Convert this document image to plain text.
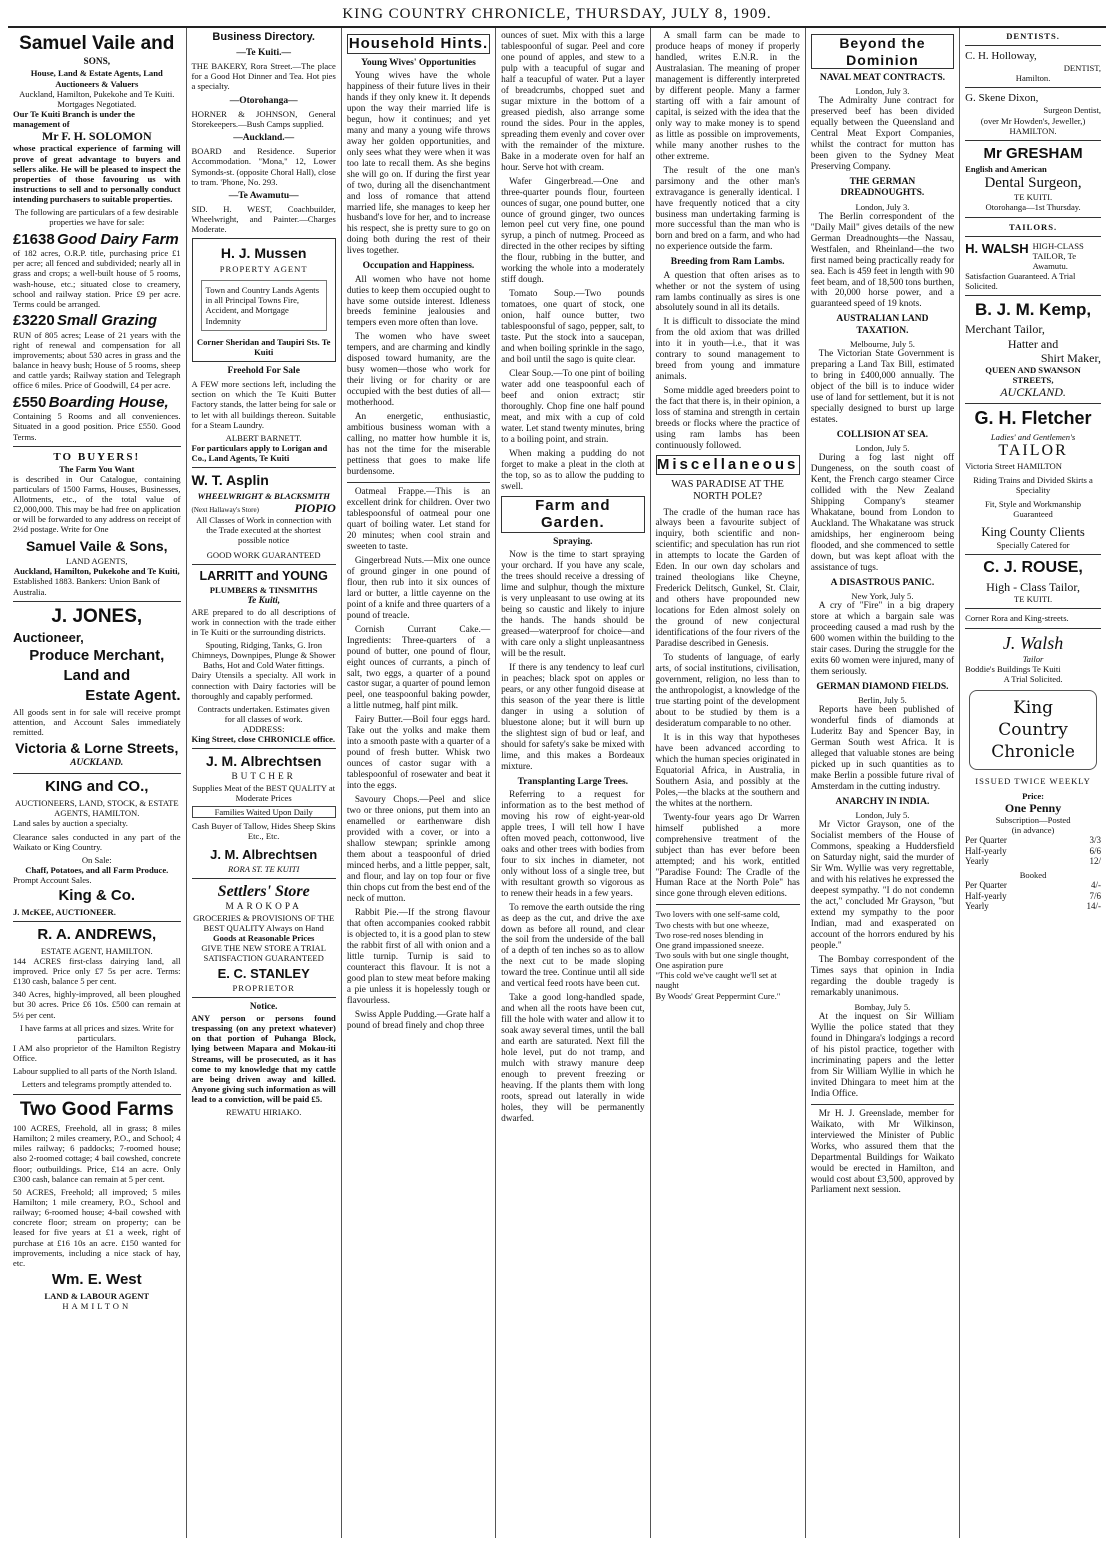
KING COUNTRY CHRONICLE, THURSDAY, JULY 8, 1909.
Samuel Vaile and
SONS,
House, Land & Estate Agents, Land Auctioneers & Valuers
Auckland, Hamilton, Pukekohe and Te Kuiti.
Mortgages Negotiated.
Our Te Kuiti Branch is under the management of
Mr F. H. SOLOMON

whose practical experience of farming will prove of great advantage to buyers and sellers alike. He will be pleased to inspect the properties of those favouring us with instructions to sell and to personally conduct intending purchasers to suitable properties.

The following are particulars of a few desirable properties we have for sale:

£1638 Good Dairy Farm

of 182 acres, O.R.P. title, purchasing price £1 per acre; all fenced and subdivided; nearly all in grass and crops; a well-built house of 5 rooms, wash-house, etc.; situated close to creamery, school and railway station. Price £9 per acre. Terms could be arranged.

£3220 Small Grazing

RUN of 805 acres; Lease of 21 years with the right of renewal and compensation for all improvements; about 530 acres in grass and the balance in heavy bush; House of 5 rooms, sheep and cattle yards; Railway station and Telegraph office 6 miles. Price of Goodwill, £4 per acre.

£550 Boarding House,

Containing 5 Rooms and all conveniences. Situated in a good position. Price £550. Good Terms.

TO BUYERS!
The Farm You Want

is described in Our Catalogue, containing particulars of 1500 Farms, Houses, Businesses, Allotments, etc., of the total value of £2,000,000. This may be had free on application or will be forwarded to any address on receipt of 2½d postage. Write for One

Samuel Vaile & Sons,
LAND AGENTS,
Auckland, Hamilton, Pukekohe and Te Kuiti,
Established 1883. Bankers: Union Bank of Australia.
J. JONES,
Auctioneer,
Produce Merchant,
Land and
Estate Agent.

All goods sent in for sale will receive prompt attention, and Account Sales immediately remitted.

Victoria & Lorne Streets,
AUCKLAND.
KING and CO.,
AUCTIONEERS, LAND, STOCK, & ESTATE AGENTS, HAMILTON.

Land sales by auction a specialty.

Clearance sales conducted in any part of the Waikato or King Country.

On Sale:
Chaff, Potatoes, and all Farm Produce.
Prompt Account Sales.
King & Co.
J. McKEE, AUCTIONEER.
R. A. ANDREWS,
ESTATE AGENT, HAMILTON.

144 ACRES first-class dairying land, all improved. Price only £7 5s per acre. Terms: £130 cash, balance 5 per cent.

340 Acres, highly-improved, all been ploughed but 30 acres. Price £6 10s. £500 can remain at 5½ per cent.

I have farms at all prices and sizes. Write for particulars.

I AM also proprietor of the Hamilton Registry Office.

Labour supplied to all parts of the North Island.

Letters and telegrams promptly attended to.
Two Good Farms

100 ACRES, Freehold, all in grass; 8 miles Hamilton; 2 miles creamery, P.O., and School; 4 miles railway; 6 paddocks; 7-roomed house; also 2-roomed cottage; 4 bail cowshed, concrete floor; outbuildings. Price, £14 an acre. Only £300 cash, balance can remain at 5 per cent.

50 ACRES, Freehold; all improved; 5 miles Hamilton; 1 mile creamery, P.O., School and railway; 6-roomed house; 4-bail cowshed with concrete floor; stream on property; can be leased for five years at £1 a week, right of purchase at £16 10s an acre. £150 wanted for improvements, including a nice stack of hay, etc.

Wm. E. West
LAND & LABOUR AGENT
HAMILTON
Business Directory.
—Te Kuiti.—

THE BAKERY, Rora Street.—The place for a Good Hot Dinner and Tea. Hot pies a specialty.

—Otorohanga—

HORNER & JOHNSON, General Storekeepers.—Bush Camps supplied.

—Auckland.—

BOARD and Residence. Superior Accommodation. "Mona," 12, Lower Symonds-st. (opposite Choral Hall), close to tram. 'Phone, No. 293.

—Te Awamutu—

SID. H. WEST, Coachbuilder, Wheelwright, and Painter.—Charges Moderate.

H. J. Mussen
PROPERTY AGENT
Town and Country Lands Agents in all Principal Towns Fire, Accident, and Mortgage Indemnity
Corner Sheridan and Taupiri Sts. Te Kuiti
Freehold For Sale

A FEW more sections left, including the section on which the Te Kuiti Butter Factory stands, the latter being for sale or to let with all buildings thereon. Suitable for a Steam Laundry.

ALBERT BARNETT.
For particulars apply to Lorigan and Co., Land Agents, Te Kuiti
W. T. Asplin
WHEELWRIGHT & BLACKSMITH
(Next Hallaway's Store)	PIOPIO
All Classes of Work in connection with the Trade executed at the shortest possible notice
GOOD WORK GUARANTEED
LARRITT and YOUNG
PLUMBERS & TINSMITHS
Te Kuiti,

ARE prepared to do all descriptions of work in connection with the trade either in Te Kuiti or the surrounding districts.

Spouting, Ridging, Tanks, G. Iron Chimneys, Downpipes, Plunge & Shower Baths, Hot and Cold Water fittings.

Dairy Utensils a specialty. All work in connection with Dairy factories will be thoroughly and capably performed.

Contracts undertaken. Estimates given for all classes of work.
ADDRESS:
King Street, close CHRONICLE office.
J. M. Albrechtsen
BUTCHER
Supplies Meat of the BEST QUALITY at Moderate Prices
Families Waited Upon Daily
Cash Buyer of Tallow, Hides Sheep Skins Etc., Etc.
J. M. Albrechtsen
RORA ST. TE KUITI
Settlers' Store
MAROKOPA
GROCERIES & PROVISIONS OF THE BEST QUALITY Always on Hand
Goods at Reasonable Prices
GIVE THE NEW STORE A TRIAL SATISFACTION GUARANTEED
E. C. STANLEY
PROPRIETOR
Notice.

ANY person or persons found trespassing (on any pretext whatever) on that portion of Puhanga Block, lying between Mapara and Mokau-iti Streams, will be prosecuted, as it has come to my knowledge that my cattle are being driven away and killed. Anyone giving such information as will lead to a conviction, will be paid £5.

REWATU HIRIAKO.
Household Hints.
Young Wives' Opportunities

Young wives have the whole happiness of their future lives in their hands if they only knew it. It depends upon the way their married life is begun, how it continues; and yet many and many a young wife throws away her golden opportunities, and only sees what they were when it was too late to recall them. As she begins she will go on. If during the first year of two, during all the disenchantment and loss of romance that attend married life, she manages to keep her husband's love for her, and to increase his respect, she is pretty sure to go on doing both during the rest of their lives together.

Occupation and Happiness.

All women who have not home duties to keep them occupied ought to have some outside interest. Idleness breeds feminine jealousies and tempers even more often than love.

The women who have sweet tempers, and are charming and kindly disposed toward humanity, are the busy women—those who work for their living or for charity or are occupied with the best duties of all—motherhood.

An energetic, enthusiastic, ambitious business woman with a calling, no matter how humble it is, has not the time for the miserable pettiness that goes to make life burdensome.

Oatmeal Frappe.—This is an excellent drink for children. Over two tablespoonsful of oatmeal pour one quart of boiling water. Let stand for 20 minutes; when cool strain and sweeten to taste.

Gingerbread Nuts.—Mix one ounce of ground ginger in one pound of flour, then rub into it six ounces of lard or butter, a little cayenne on the point of a knife and three quarters of a pound of treacle.

Cornish Currant Cake.—Ingredients: Three-quarters of a pound of butter, one pound of flour, eight ounces of currants, a pinch of salt, two eggs, a quarter of a pound castor sugar, a quarter of pound lemon peel, one teaspoonful baking powder, a little nutmeg, half pint milk.

Fairy Butter.—Boil four eggs hard. Take out the yolks and make them into a smooth paste with a quarter of a pound of fresh butter. Whisk two ounces of castor sugar with a tablespoonful of rosewater and beat it into the eggs.

Savoury Chops.—Peel and slice two or three onions, put them into an enamelled or earthenware dish provided with a cover, or into a shallow stewpan; sprinkle among them about a teaspoonful of dried minced herbs, and a little pepper, salt, and flour, and lay on top four or five thin chops cut from the best end of the neck of mutton.

Rabbit Pie.—If the strong flavour that often accompanies cooked rabbit is objected to, it is a good plan to stew the rabbit first of all with onion and a little turnip. Turnip is said to counteract this flavour. It is not a good plan to stew meat before making a pie unless it is hopelessly tough or flavourless.

Swiss Apple Pudding.—Grate half a pound of bread finely and chop three

ounces of suet. Mix with this a large tablespoonful of sugar. Peel and core one pound of apples, and stew to a pulp with a teacupful of sugar and half a teacupful of water. Put a layer of breadcrumbs, chopped suet and sugar mixture in the bottom of a greased piedish, also arrange some round the sides. Pour in the apples, spreading them evenly and cover over with the remainder of the mixture. Bake in a moderate oven for half an hour. Serve hot with cream.

Wafer Gingerbread.—One and three-quarter pounds flour, fourteen ounces of sugar, one pound butter, one ounce of ground ginger, two ounces lemon peel cut very fine, one pound syrup, a pinch of nutmeg. Proceed as directed in the other recipes by sifting the flour, rubbing in the butter, and working the whole into a moderately stiff dough.

Tomato Soup.—Two pounds tomatoes, one quart of stock, one onion, half ounce butter, two tablespoonsful of sago, pepper, salt, to taste. Put the stock into a saucepan, and when boiling sprinkle in the sago, and boil until the sago is quite clear.

Clear Soup.—To one pint of boiling water add one teaspoonful each of beef and onion extract; stir thoroughly. Chop fine one half pound meat, and mix with a cup of cold water. Let stand twenty minutes, bring to a boiling point, and strain.

When making a pudding do not forget to make a pleat in the cloth at the top, so as to allow the pudding to swell.

Farm and Garden.
Spraying.

Now is the time to start spraying your orchard. If you have any scale, the trees should receive a dressing of lime and sulphur, though the mixture is very unpleasant to use owing at its being so caustic and likely to injure the hands. The hands should be greased—waterproof for choice—and with care only a slight unpleasantness will be the result.

If there is any tendency to leaf curl in peaches; black spot on apples or pears, or any other fungoid disease at this season of the year there is little danger in using a solution of bluestone alone; but it will burn up the slightest sign of bud or leaf, and should for safety's sake be mixed with lime, and this makes a Bordeaux mixture.

Transplanting Large Trees.

Referring to a request for information as to the best method of moving his row of eight-year-old apple trees, I will tell how I have often moved peach, cottonwood, live oaks and other trees with bodies from four to six inches in diameter, not only without loss of a single tree, but with resultant growth so vigorous as to renew their heads in a few years.

To remove the earth outside the ring as deep as the cut, and drive the axe down as before all round, and clear the soil from the underside of the ball of a depth of ten inches so as to allow the next cut to be made sloping toward the tree. Continue until all side and vertical feed roots have been cut.

Take a good long-handled spade, and when all the roots have been cut, fill the hole with water and allow it to soak away several times, until the ball and earth are saturated. Next fill the hole level, put do not tramp, and mulch with strawy manure deep enough to prevent freezing or heaving. If the plants them with long roots, spread out laterally in wide holes, they will be permanently dwarfed.

A small farm can be made to produce heaps of money if properly handled, writes E.N.R. in the Australasian. The meaning of proper management is differently interpreted by different people. Many a farmer starting off with a fair amount of capital, is seized with the idea that the only way to make money is to spend as little as possible on improvements, while many another rushes to the other extreme.

The result of the one man's parsimony and the other man's extravagance is generally identical. I have frequently noticed that a city business man undertaking farming is more successful than the man who is born and bred on a farm, and who had no experience outside the farm.

Breeding from Ram Lambs.

A question that often arises as to whether or not the system of using ram lambs continually as sires is one absolutely sound in all its details.

It is difficult to dissociate the mind from the old axiom that was drilled into it in youth—i.e., that it was contrary to sound management to breed from young and immature animals.

Some middle aged breeders point to the fact that there is, in their opinion, a loss of stamina and strength in certain breeds or flocks where the practice of using ram lambs has been continuously followed.

Miscellaneous
WAS PARADISE AT THE NORTH POLE?

The cradle of the human race has always been a favourite subject of inquiry, both scientific and non-scientific; and speculation has run riot in attempts to locate the Garden of Eden. In our own day scholars and trained theologians like Cheyne, Frederick Delitsch, Gunkel, St. Clair, and others have propounded new locations for Eden almost solely on the ground of new conjectural identifications of the four rivers of the Paradise described in Genesis.

To students of language, of early arts, of social institutions, civilisation, government, religion, no less than to the anthropologist, a knowledge of the true starting point of the development about to be studied by them is a desideratum comparable to no other.

It is in this way that hypotheses have been advanced according to which the human species originated in Equatorial Africa, in Australia, in Southern Asia, and possibly at the Poles,—the blacks at the southern and the whites at the northern.

Twenty-four years ago Dr Warren himself published a more comprehensive treatment of the subject than has ever before been attempted; and his work, entitled "Paradise Found: The Cradle of the Human Race at the North Pole" has since gone through eleven editions.

Two lovers with one self-same cold,
Two chests with but one wheeze,
Two rose-red noses blending in
One grand impassioned sneeze.
Two souls with but one single thought,
One aspiration pure
"This cold we've caught we'll set at naught
By Woods' Great Peppermint Cure."
Beyond the Dominion
NAVAL MEAT CONTRACTS.
London, July 3.

The Admiralty June contract for preserved beef has been divided equally between the Queensland and Central Meat Export Companies, whilst the contract for mutton has been given to the Sydney Meat Preserving Company.

THE GERMAN DREADNOUGHTS.
London, July 3.

The Berlin correspondent of the "Daily Mail" gives details of the new German Dreadnoughts—the Nassau, Westfalen, and Rheinland—the two first named being practically ready for sea. Each is 459 feet in length with 90 feet beam, and of 18,500 tons burthen, with 20,000 horse power, and a guaranteed speed of 19 knots.

AUSTRALIAN LAND TAXATION.
Melbourne, July 5.

The Victorian State Government is preparing a Land Tax Bill, estimated to bring in £400,000 annually. The object of the bill is to induce wider use of land for settlement, but it is not specially designed to burst up large estates.

COLLISION AT SEA.
London, July 5.

During a fog last night off Dungeness, on the south coast of Kent, the French cargo steamer Circe collided with the New Zealand Shipping Company's steamer Whakatane, bound from London to Auckland. The Whakatane was struck amidships, her engineroom being flooded, and she commenced to settle down, but was kept afloat with the assistance of tugs.

A DISASTROUS PANIC.
New York, July 5.

A cry of "Fire" in a big drapery store at which a bargain sale was proceeding caused a mad rush by the 600 women within the building to the stair cases. During the struggle for the exits 60 women were injured, many of them seriously.

GERMAN DIAMOND FIELDS.
Berlin, July 5.

Reports have been published of wonderful finds of diamonds at Luderitz Bay and Spencer Bay, in German South west Africa. It is alleged that valuable stones are being picked up in such quantities as to make Berlin a possible future rival of Amsterdam in the cutting industry.

ANARCHY IN INDIA.
London, July 5.

Mr Victor Grayson, one of the Socialist members of the House of Commons, speaking a Huddersfield on Saturday night, said the murder of Sir Wm. Wyllie was very regrettable, and with his relatives he expressed the deepest sympathy. "I do not condemn the act," concluded Mr Grayson, "but extend my sympathy to the poor Indian, mad and exasperated on account of the horrors endured by his people."

The Bombay correspondent of the Times says that opinion in India regarding the double tragedy is remarkably unanimous.

Bombay, July 5.

At the inquest on Sir William Wyllie the police stated that they found in Dhingara's lodgings a record of his pistol practice, together with incriminating papers and the letter from Sir William Wyllie in which he invited Dhingara to meet him at the India Office.

Mr H. J. Greenslade, member for Waikato, with Mr Wilkinson, interviewed the Minister of Public Works, who assured them that the Departmental Buildings for Waikato would be erected in Hamilton, and would cost about £3,500, approved by Parliament next session.

DENTISTS.
C. H. Holloway,
DENTIST,
Hamilton.
G. Skene Dixon,
Surgeon Dentist,
(over Mr Howden's, Jeweller,) HAMILTON.
Mr GRESHAM
English and American
Dental Surgeon,
TE KUITI.
Otorohanga—1st Thursday.
TAILORS.
H. WALSH HIGH-CLASS TAILOR, Te Awamutu.
Satisfaction Guaranteed. A Trial Solicited.
B. J. M. Kemp,
Merchant Tailor,
Hatter and
Shirt Maker,
QUEEN AND SWANSON STREETS,
AUCKLAND.
G. H. Fletcher
Ladies' and Gentlemen's
TAILOR
Victoria Street HAMILTON
Riding Trains and Divided Skirts a Speciality
Fit, Style and Workmanship Guaranteed
King County Clients
Specially Catered for
C. J. ROUSE,
High - Class Tailor,
TE KUITI.
Corner Rora and King-streets.
J. Walsh
Tailor
Boddie's Buildings Te Kuiti
A Trial Solicited.
King
Country
Chronicle
ISSUED TWICE WEEKLY
Price:
One Penny
Subscription—Posted
(in advance)
Per Quarter	3/3
Half-yearly	6/6
Yearly	12/
Booked
Per Quarter	4/-
Half-yearly	7/6
Yearly	14/-
